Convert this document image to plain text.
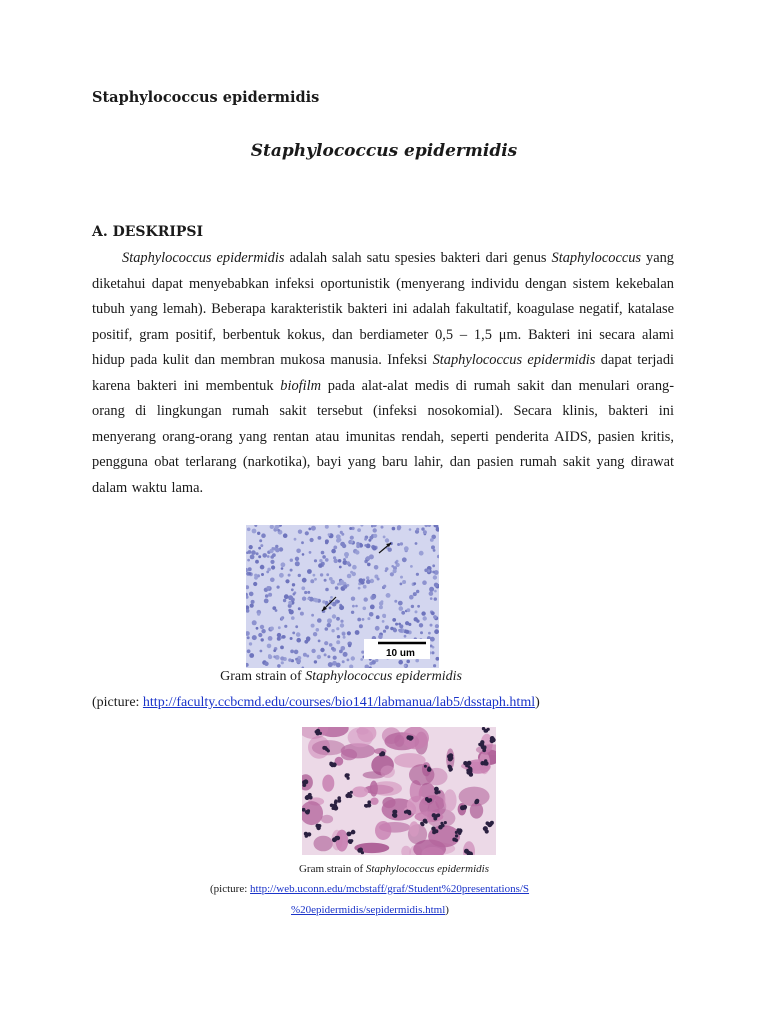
Staphylococcus epidermidis
Staphylococcus epidermidis
A. DESKRIPSI

Staphylococcus epidermidis adalah salah satu spesies bakteri dari genus Staphylococcus yang diketahui dapat menyebabkan infeksi oportunistik (menyerang individu dengan sistem kekebalan tubuh yang lemah). Beberapa karakteristik bakteri ini adalah fakultatif, koagulase negatif, katalase positif, gram positif, berbentuk kokus, dan berdiameter 0,5 – 1,5 μm. Bakteri ini secara alami hidup pada kulit dan membran mukosa manusia. Infeksi Staphylococcus epidermidis dapat terjadi karena bakteri ini membentuk biofilm pada alat-alat medis di rumah sakit dan menulari orang-orang di lingkungan rumah sakit tersebut (infeksi nosokomial). Secara klinis, bakteri ini menyerang orang-orang yang rentan atau imunitas rendah, seperti penderita AIDS, pasien kritis, pengguna obat terlarang (narkotika), bayi yang baru lahir, dan pasien rumah sakit yang dirawat dalam waktu lama.

10 um
Gram strain of Staphylococcus epidermidis
(picture: http://faculty.ccbcmd.edu/courses/bio141/labmanua/lab5/dsstaph.html)
Gram strain of Staphylococcus epidermidis
(picture: http://web.uconn.edu/mcbstaff/graf/Student%20presentations/S
%20epidermidis/sepidermidis.html)
